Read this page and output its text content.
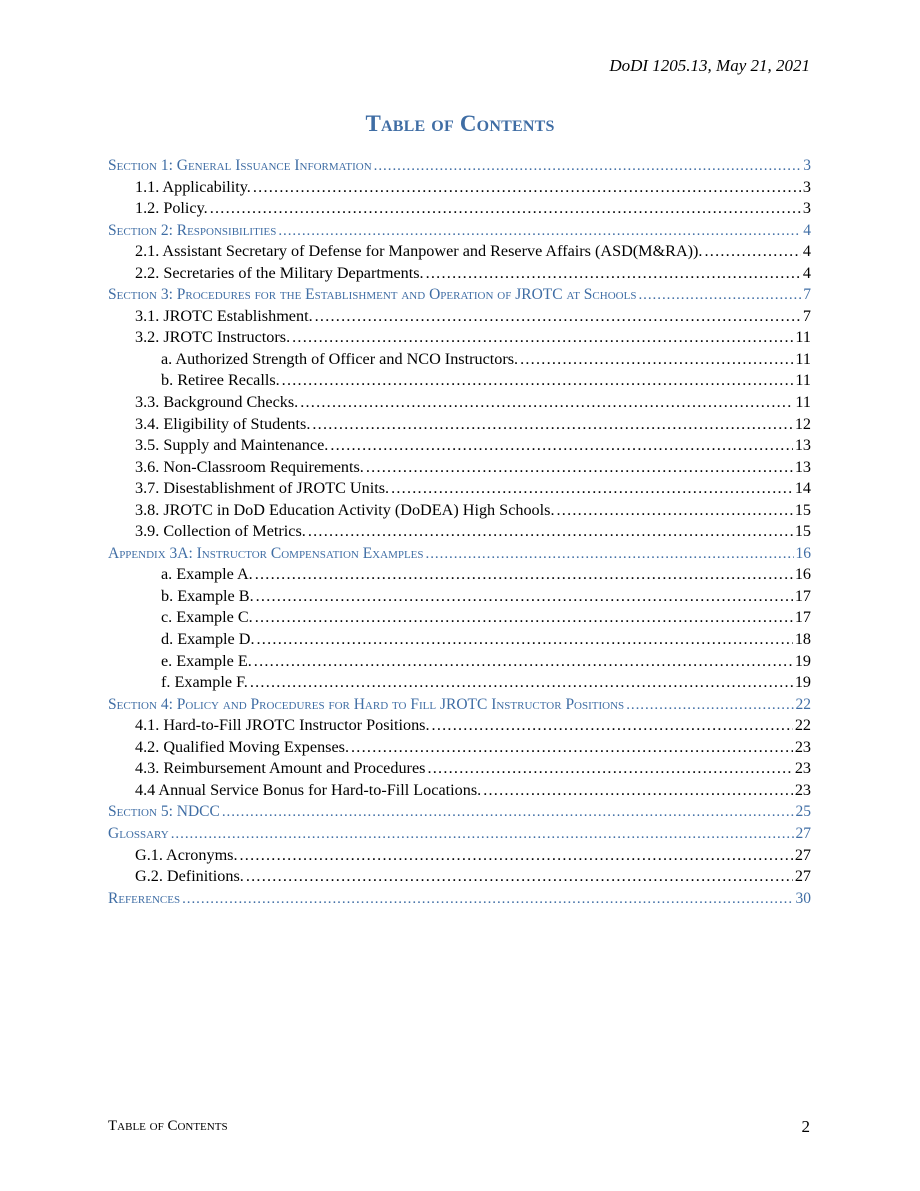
DoDI 1205.13, May 21, 2021
Table of Contents
Section 1: General Issuance Information . . .	3
1.1. Applicability. . . .	3
1.2. Policy. . . .	3
Section 2: Responsibilities . . .	4
2.1. Assistant Secretary of Defense for Manpower and Reserve Affairs (ASD(M&RA)). . . .	4
2.2. Secretaries of the Military Departments. . . .	4
Section 3: Procedures for the Establishment and Operation of JROTC at Schools . . .	7
3.1. JROTC Establishment. . . .	7
3.2. JROTC Instructors. . . .	11
a. Authorized Strength of Officer and NCO Instructors. . . .	11
b. Retiree Recalls. . . .	11
3.3. Background Checks. . . .	11
3.4. Eligibility of Students. . . .	12
3.5. Supply and Maintenance. . . .	13
3.6. Non-Classroom Requirements. . . .	13
3.7. Disestablishment of JROTC Units. . . .	14
3.8. JROTC in DoD Education Activity (DoDEA) High Schools. . . .	15
3.9. Collection of Metrics. . . .	15
Appendix 3A: Instructor Compensation Examples . . .	16
a. Example A. . . .	16
b. Example B. . . .	17
c. Example C. . . .	17
d. Example D. . . .	18
e. Example E. . . .	19
f. Example F. . . .	19
Section 4: Policy and Procedures for Hard to Fill JROTC Instructor Positions . . .	22
4.1. Hard-to-Fill JROTC Instructor Positions. . . .	22
4.2. Qualified Moving Expenses. . . .	23
4.3. Reimbursement Amount and Procedures . . .	23
4.4 Annual Service Bonus for Hard-to-Fill Locations. . . .	23
Section 5: NDCC . . .	25
Glossary . . .	27
G.1. Acronyms. . . .	27
G.2. Definitions. . . .	27
References . . .	30
Table of Contents	2
